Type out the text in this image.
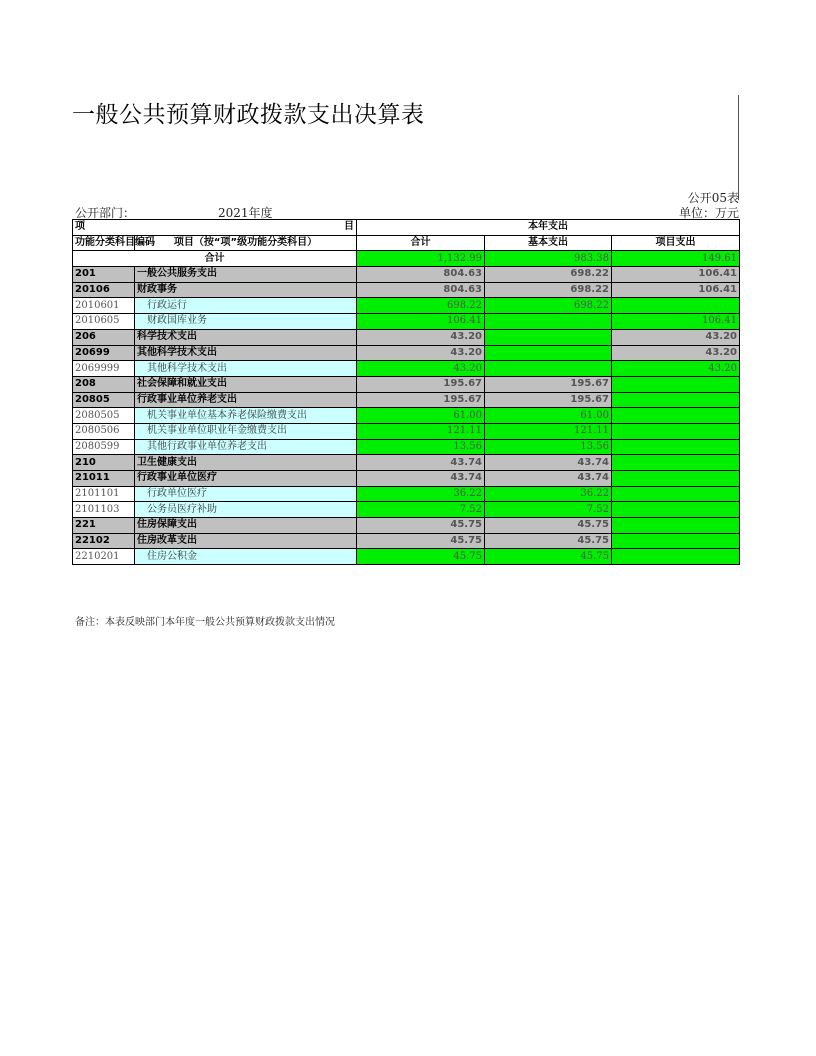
一般公共预算财政拨款支出决算表
公开05表
公开部门：	2021年度	单位：万元
项 目		本年支出		
功能分类科目编码	项目（按“项”级功能分类科目）	合计	基本支出	项目支出
合计		1,132.99	983.38	149.61
201	一般公共服务支出	804.63	698.22	106.41
20106	财政事务	804.63	698.22	106.41
2010601	行政运行	698.22	698.22	
2010605	财政国库业务	106.41		106.41
206	科学技术支出	43.20		43.20
20699	其他科学技术支出	43.20		43.20
2069999	其他科学技术支出	43.20		43.20
208	社会保障和就业支出	195.67	195.67	
20805	行政事业单位养老支出	195.67	195.67	
2080505	机关事业单位基本养老保险缴费支出	61.00	61.00	
2080506	机关事业单位职业年金缴费支出	121.11	121.11	
2080599	其他行政事业单位养老支出	13.56	13.56	
210	卫生健康支出	43.74	43.74	
21011	行政事业单位医疗	43.74	43.74	
2101101	行政单位医疗	36.22	36.22	
2101103	公务员医疗补助	7.52	7.52	
221	住房保障支出	45.75	45.75	
22102	住房改革支出	45.75	45.75	
2210201	住房公积金	45.75	45.75	
备注：本表反映部门本年度一般公共预算财政拨款支出情况
